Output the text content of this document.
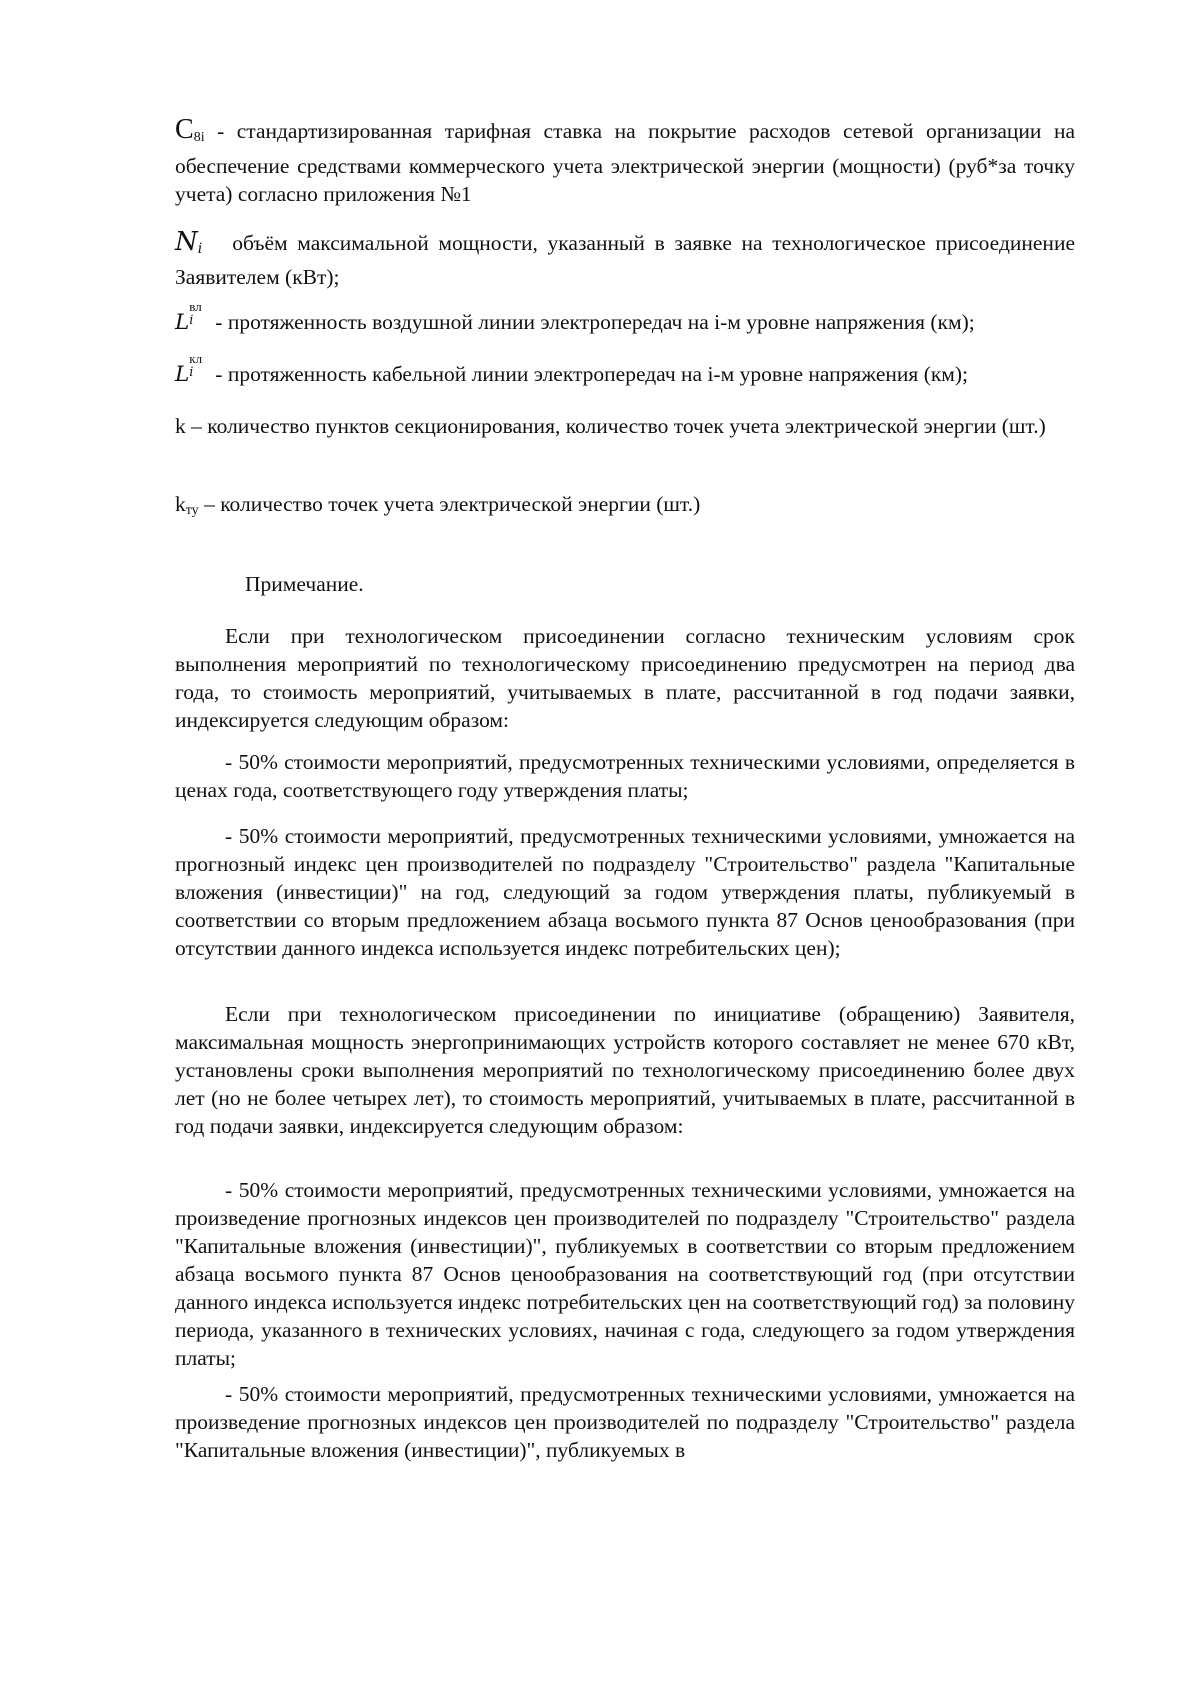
$C_{8i}$ - стандартизированная тарифная ставка на покрытие расходов сетевой организации на обеспечение средствами коммерческого учета электрической энергии (мощности) (руб*за точку учета) согласно приложения №1
$N_i$ объём максимальной мощности, указанный в заявке на технологическое присоединение Заявителем (кВт);
L
вл
i - протяженность воздушной линии электропередач на i-м уровне напряжения (км);
L
кл
i - протяженность кабельной линии электропередач на i-м уровне напряжения (км);
k – количество пунктов секционирования, количество точек учета электрической энергии (шт.)
$k_{ту}$ – количество точек учета электрической энергии (шт.)
Примечание.
Если при технологическом присоединении согласно техническим условиям срок выполнения мероприятий по технологическому присоединению предусмотрен на период два года, то стоимость мероприятий, учитываемых в плате, рассчитанной в год подачи заявки, индексируется следующим образом:
- 50% стоимости мероприятий, предусмотренных техническими условиями, определяется в ценах года, соответствующего году утверждения платы;
- 50% стоимости мероприятий, предусмотренных техническими условиями, умножается на прогнозный индекс цен производителей по подразделу "Строительство" раздела "Капитальные вложения (инвестиции)" на год, следующий за годом утверждения платы, публикуемый в соответствии со вторым предложением абзаца восьмого пункта 87 Основ ценообразования (при отсутствии данного индекса используется индекс потребительских цен);
Если при технологическом присоединении по инициативе (обращению) Заявителя, максимальная мощность энергопринимающих устройств которого составляет не менее 670 кВт, установлены сроки выполнения мероприятий по технологическому присоединению более двух лет (но не более четырех лет), то стоимость мероприятий, учитываемых в плате, рассчитанной в год подачи заявки, индексируется следующим образом:
- 50% стоимости мероприятий, предусмотренных техническими условиями, умножается на произведение прогнозных индексов цен производителей по подразделу "Строительство" раздела "Капитальные вложения (инвестиции)", публикуемых в соответствии со вторым предложением абзаца восьмого пункта 87 Основ ценообразования на соответствующий год (при отсутствии данного индекса используется индекс потребительских цен на соответствующий год) за половину периода, указанного в технических условиях, начиная с года, следующего за годом утверждения платы;
- 50% стоимости мероприятий, предусмотренных техническими условиями, умножается на произведение прогнозных индексов цен производителей по подразделу "Строительство" раздела "Капитальные вложения (инвестиции)", публикуемых в
